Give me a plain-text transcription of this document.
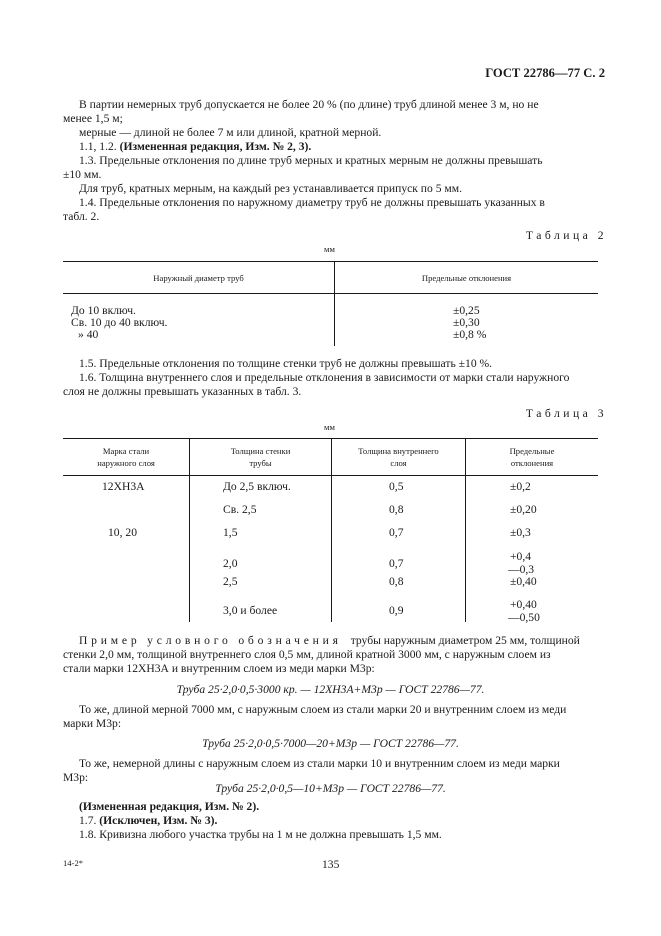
ГОСТ 22786—77 С. 2
В партии немерных труб допускается не более 20 % (по длине) труб длиной менее 3 м, но не
менее 1,5 м;
мерные — длиной не более 7 м или длиной, кратной мерной.
1.1, 1.2. (Измененная редакция, Изм. № 2, 3).
1.3. Предельные отклонения по длине труб мерных и кратных мерным не должны превышать
±10 мм.
Для труб, кратных мерным, на каждый рез устанавливается припуск по 5 мм.
1.4. Предельные отклонения по наружному диаметру труб не должны превышать указанных в
табл. 2.
Таблица 2
мм
Наружный диаметр труб	Предельные отклонения
До 10 включ.
Св. 10 до 40 включ.
» 40
±0,25
±0,30
±0,8 %
1.5. Предельные отклонения по толщине стенки труб не должны превышать ±10 %.
1.6. Толщина внутреннего слоя и предельные отклонения в зависимости от марки стали наружного
слоя не должны превышать указанных в табл. 3.
Таблица 3
мм
Марка стали
наружного слоя
Толщина стенки
трубы
Толщина внутреннего
слоя
Предельные
отклонения
12ХН3А
10, 20
До 2,5 включ.
Св. 2,5
1,5
2,0
2,5
3,0 и более
0,5
0,8
0,7
0,7
0,8
0,9
±0,2
±0,20
±0,3
+0,4
—0,3
±0,40
+0,40
—0,50
Пример условного обозначения трубы наружным диаметром 25 мм, толщиной
стенки 2,0 мм, толщиной внутреннего слоя 0,5 мм, длиной кратной 3000 мм, с наружным слоем из
стали марки 12ХН3А и внутренним слоем из меди марки М3р:
Труба 25·2,0·0,5·3000 кр. — 12ХН3А+М3р — ГОСТ 22786—77.
То же, длиной мерной 7000 мм, с наружным слоем из стали марки 20 и внутренним слоем из меди
марки М3р:
Труба 25·2,0·0,5·7000—20+М3р — ГОСТ 22786—77.
То же, немерной длины с наружным слоем из стали марки 10 и внутренним слоем из меди марки
М3р:
Труба 25·2,0·0,5—10+М3р — ГОСТ 22786—77.
(Измененная редакция, Изм. № 2).
1.7. (Исключен, Изм. № 3).
1.8. Кривизна любого участка трубы на 1 м не должна превышать 1,5 мм.
14-2*	135
